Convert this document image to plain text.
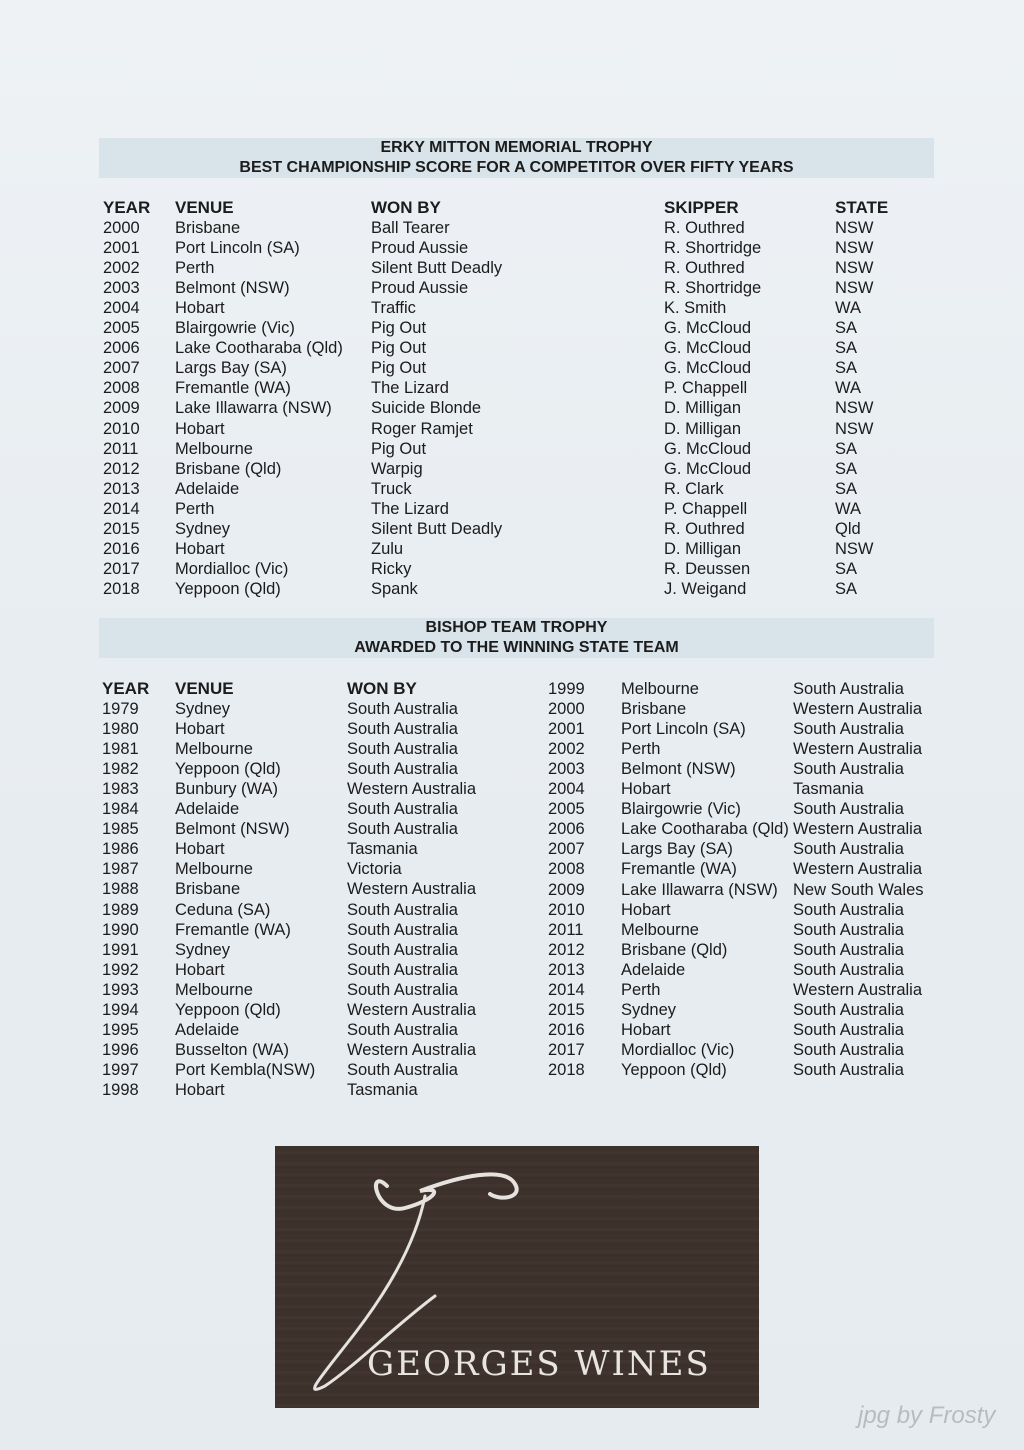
ERKY MITTON MEMORIAL TROPHY
BEST CHAMPIONSHIP SCORE FOR A COMPETITOR OVER FIFTY YEARS
YEAR VENUE	WON BY	SKIPPER	STATE
2000 Brisbane	Ball Tearer	R. Outhred	NSW
2001 Port Lincoln (SA)	Proud Aussie	R. Shortridge	NSW
2002 Perth	Silent Butt Deadly	R. Outhred	NSW
2003 Belmont (NSW)	Proud Aussie	R. Shortridge	NSW
2004 Hobart	Traffic	K. Smith	WA
2005 Blairgowrie (Vic)	Pig Out	G. McCloud	SA
2006 Lake Cootharaba (Qld) Pig Out	G. McCloud	SA
2007 Largs Bay (SA)	Pig Out	G. McCloud	SA
2008 Fremantle (WA)	The Lizard	P. Chappell	WA
2009 Lake Illawarra (NSW) Suicide Blonde	D. Milligan	NSW
2010 Hobart	Roger Ramjet	D. Milligan	NSW
2011 Melbourne	Pig Out	G. McCloud	SA
2012 Brisbane (Qld)	Warpig	G. McCloud	SA
2013 Adelaide	Truck	R. Clark	SA
2014 Perth	The Lizard	P. Chappell	WA
2015 Sydney	Silent Butt Deadly	R. Outhred	Qld
2016 Hobart	Zulu	D. Milligan	NSW
2017 Mordialloc (Vic)	Ricky	R. Deussen	SA
2018 Yeppoon (Qld)	Spank	J. Weigand	SA
BISHOP TEAM TROPHY
AWARDED TO THE WINNING STATE TEAM
YEAR VENUE	WON BY
1979 Sydney	South Australia
1980 Hobart	South Australia
1981 Melbourne	South Australia
1982 Yeppoon (Qld)	South Australia
1983 Bunbury (WA)	Western Australia
1984 Adelaide	South Australia
1985 Belmont (NSW)	South Australia
1986 Hobart	Tasmania
1987 Melbourne	Victoria
1988 Brisbane	Western Australia
1989 Ceduna (SA)	South Australia
1990 Fremantle (WA)	South Australia
1991 Sydney	South Australia
1992 Hobart	South Australia
1993 Melbourne	South Australia
1994 Yeppoon (Qld)	Western Australia
1995 Adelaide	South Australia
1996 Busselton (WA)	Western Australia
1997 Port Kembla(NSW) South Australia
1998 Hobart	Tasmania
1999 Melbourne	South Australia
2000 Brisbane	Western Australia
2001 Port Lincoln (SA)	South Australia
2002 Perth	Western Australia
2003 Belmont (NSW)	South Australia
2004 Hobart	Tasmania
2005 Blairgowrie (Vic)	South Australia
2006 Lake Cootharaba (Qld) Western Australia
2007 Largs Bay (SA)	South Australia
2008 Fremantle (WA)	Western Australia
2009 Lake Illawarra (NSW) New South Wales
2010 Hobart	South Australia
2011 Melbourne	South Australia
2012 Brisbane (Qld)	South Australia
2013 Adelaide	South Australia
2014 Perth	Western Australia
2015 Sydney	South Australia
2016 Hobart	South Australia
2017 Mordialloc (Vic)	South Australia
2018 Yeppoon (Qld)	South Australia
GEORGES WINES
jpg by Frosty
